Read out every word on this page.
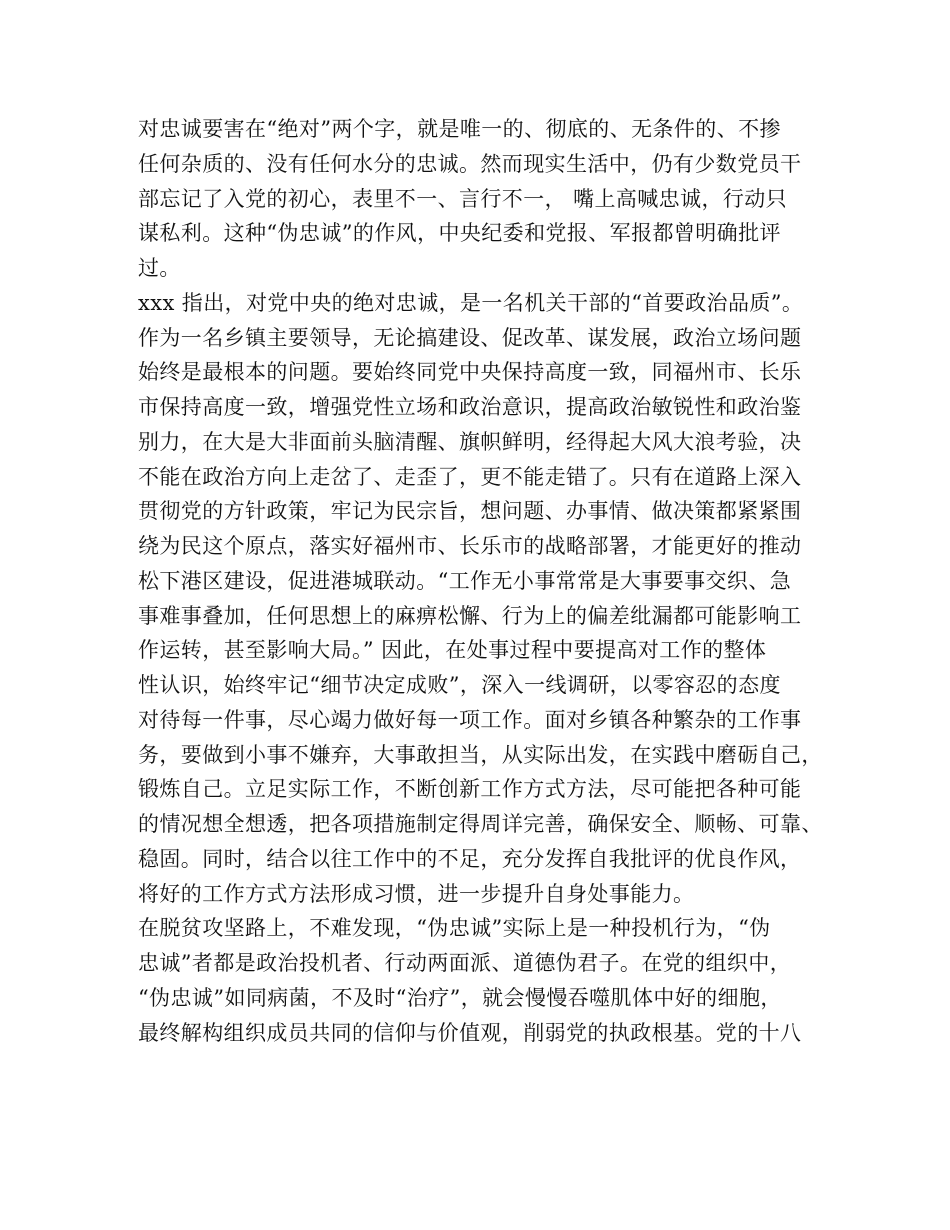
对忠诚要害在“绝对”两个字，就是唯一的、彻底的、无条件的、不掺
任何杂质的、没有任何水分的忠诚。然而现实生活中，仍有少数党员干
部忘记了入党的初心，表里不一、言行不一， 嘴上高喊忠诚，行动只
谋私利。这种“伪忠诚”的作风，中央纪委和党报、军报都曾明确批评
过。
xxx 指出，对党中央的绝对忠诚，是一名机关干部的“首要政治品质”。
作为一名乡镇主要领导，无论搞建设、促改革、谋发展，政治立场问题
始终是最根本的问题。要始终同党中央保持高度一致，同福州市、长乐
市保持高度一致，增强党性立场和政治意识，提高政治敏锐性和政治鉴
别力，在大是大非面前头脑清醒、旗帜鲜明，经得起大风大浪考验，决
不能在政治方向上走岔了、走歪了，更不能走错了。只有在道路上深入
贯彻党的方针政策，牢记为民宗旨，想问题、办事情、做决策都紧紧围
绕为民这个原点，落实好福州市、长乐市的战略部署，才能更好的推动
松下港区建设，促进港城联动。“工作无小事常常是大事要事交织、急
事难事叠加，任何思想上的麻痹松懈、行为上的偏差纰漏都可能影响工
作运转，甚至影响大局。” 因此，在处事过程中要提高对工作的整体
性认识，始终牢记“细节决定成败”，深入一线调研，以零容忍的态度
对待每一件事，尽心竭力做好每一项工作。面对乡镇各种繁杂的工作事
务，要做到小事不嫌弃，大事敢担当，从实际出发，在实践中磨砺自己，
锻炼自己。立足实际工作，不断创新工作方式方法，尽可能把各种可能
的情况想全想透，把各项措施制定得周详完善，确保安全、顺畅、可靠、
稳固。同时，结合以往工作中的不足，充分发挥自我批评的优良作风，
将好的工作方式方法形成习惯，进一步提升自身处事能力。
在脱贫攻坚路上，不难发现，“伪忠诚”实际上是一种投机行为，“伪
忠诚”者都是政治投机者、行动两面派、道德伪君子。在党的组织中，
“伪忠诚”如同病菌，不及时“治疗”，就会慢慢吞噬肌体中好的细胞，
最终解构组织成员共同的信仰与价值观，削弱党的执政根基。党的十八
